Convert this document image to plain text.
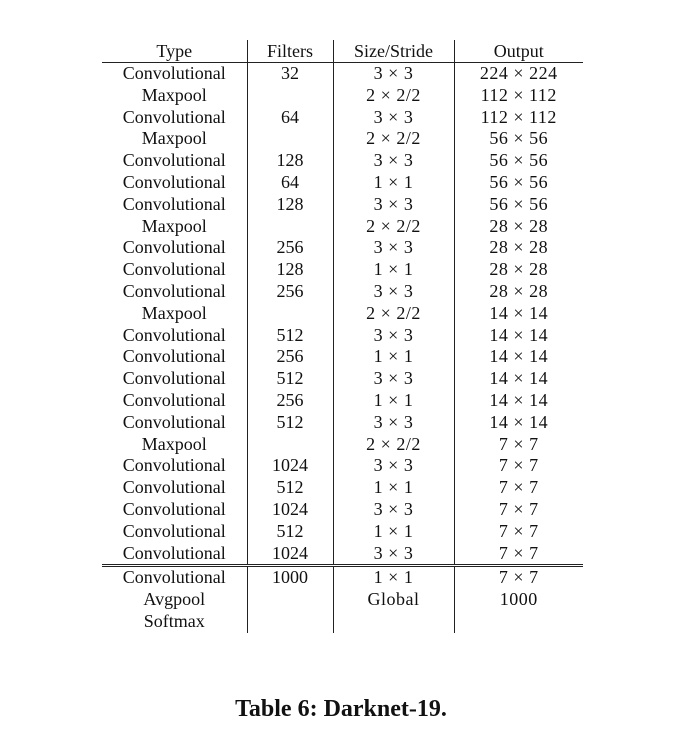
Type	Filters	Size/Stride	Output
Convolutional	32	3 × 3	224 × 224
Maxpool		2 × 2/2	112 × 112
Convolutional	64	3 × 3	112 × 112
Maxpool		2 × 2/2	56 × 56
Convolutional	128	3 × 3	56 × 56
Convolutional	64	1 × 1	56 × 56
Convolutional	128	3 × 3	56 × 56
Maxpool		2 × 2/2	28 × 28
Convolutional	256	3 × 3	28 × 28
Convolutional	128	1 × 1	28 × 28
Convolutional	256	3 × 3	28 × 28
Maxpool		2 × 2/2	14 × 14
Convolutional	512	3 × 3	14 × 14
Convolutional	256	1 × 1	14 × 14
Convolutional	512	3 × 3	14 × 14
Convolutional	256	1 × 1	14 × 14
Convolutional	512	3 × 3	14 × 14
Maxpool		2 × 2/2	7 × 7
Convolutional	1024	3 × 3	7 × 7
Convolutional	512	1 × 1	7 × 7
Convolutional	1024	3 × 3	7 × 7
Convolutional	512	1 × 1	7 × 7
Convolutional	1024	3 × 3	7 × 7
Convolutional	1000	1 × 1	7 × 7
Avgpool		Global	1000
Softmax			
Table 6: Darknet-19.
